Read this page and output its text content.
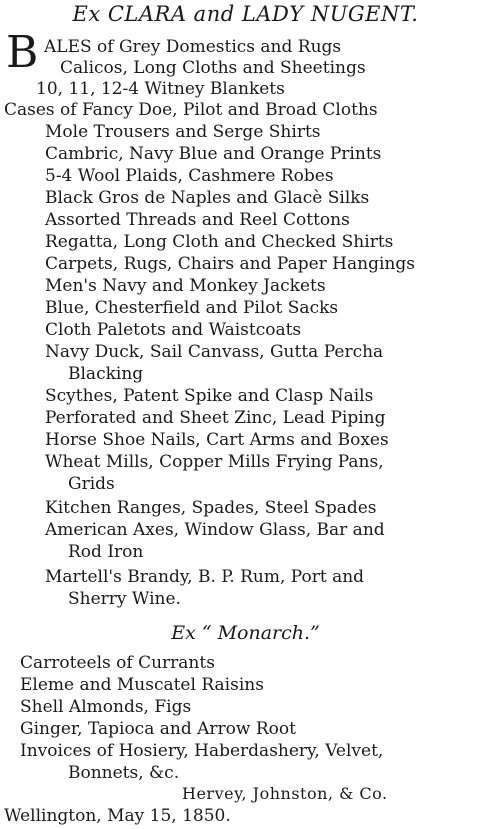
Ex CLARA and LADY NUGENT.
B ALES of Grey Domestics and Rugs
Calicos, Long Cloths and Sheetings
10, 11, 12-4 Witney Blankets
Cases of Fancy Doe, Pilot and Broad Cloths
Mole Trousers and Serge Shirts
Cambric, Navy Blue and Orange Prints
5-4 Wool Plaids, Cashmere Robes
Black Gros de Naples and Glacè Silks
Assorted Threads and Reel Cottons
Regatta, Long Cloth and Checked Shirts
Carpets, Rugs, Chairs and Paper Hangings
Men's Navy and Monkey Jackets
Blue, Chesterfield and Pilot Sacks
Cloth Paletots and Waistcoats
Navy Duck, Sail Canvass, Gutta Percha
Blacking
Scythes, Patent Spike and Clasp Nails
Perforated and Sheet Zinc, Lead Piping
Horse Shoe Nails, Cart Arms and Boxes
Wheat Mills, Copper Mills Frying Pans,
Grids
Kitchen Ranges, Spades, Steel Spades
American Axes, Window Glass, Bar and
Rod Iron
Martell's Brandy, B. P. Rum, Port and
Sherry Wine.
Ex “ Monarch.”
Carroteels of Currants
Eleme and Muscatel Raisins
Shell Almonds, Figs
Ginger, Tapioca and Arrow Root
Invoices of Hosiery, Haberdashery, Velvet,
Bonnets, &c.
Hervey, Johnston, & Co.
Wellington, May 15, 1850.
